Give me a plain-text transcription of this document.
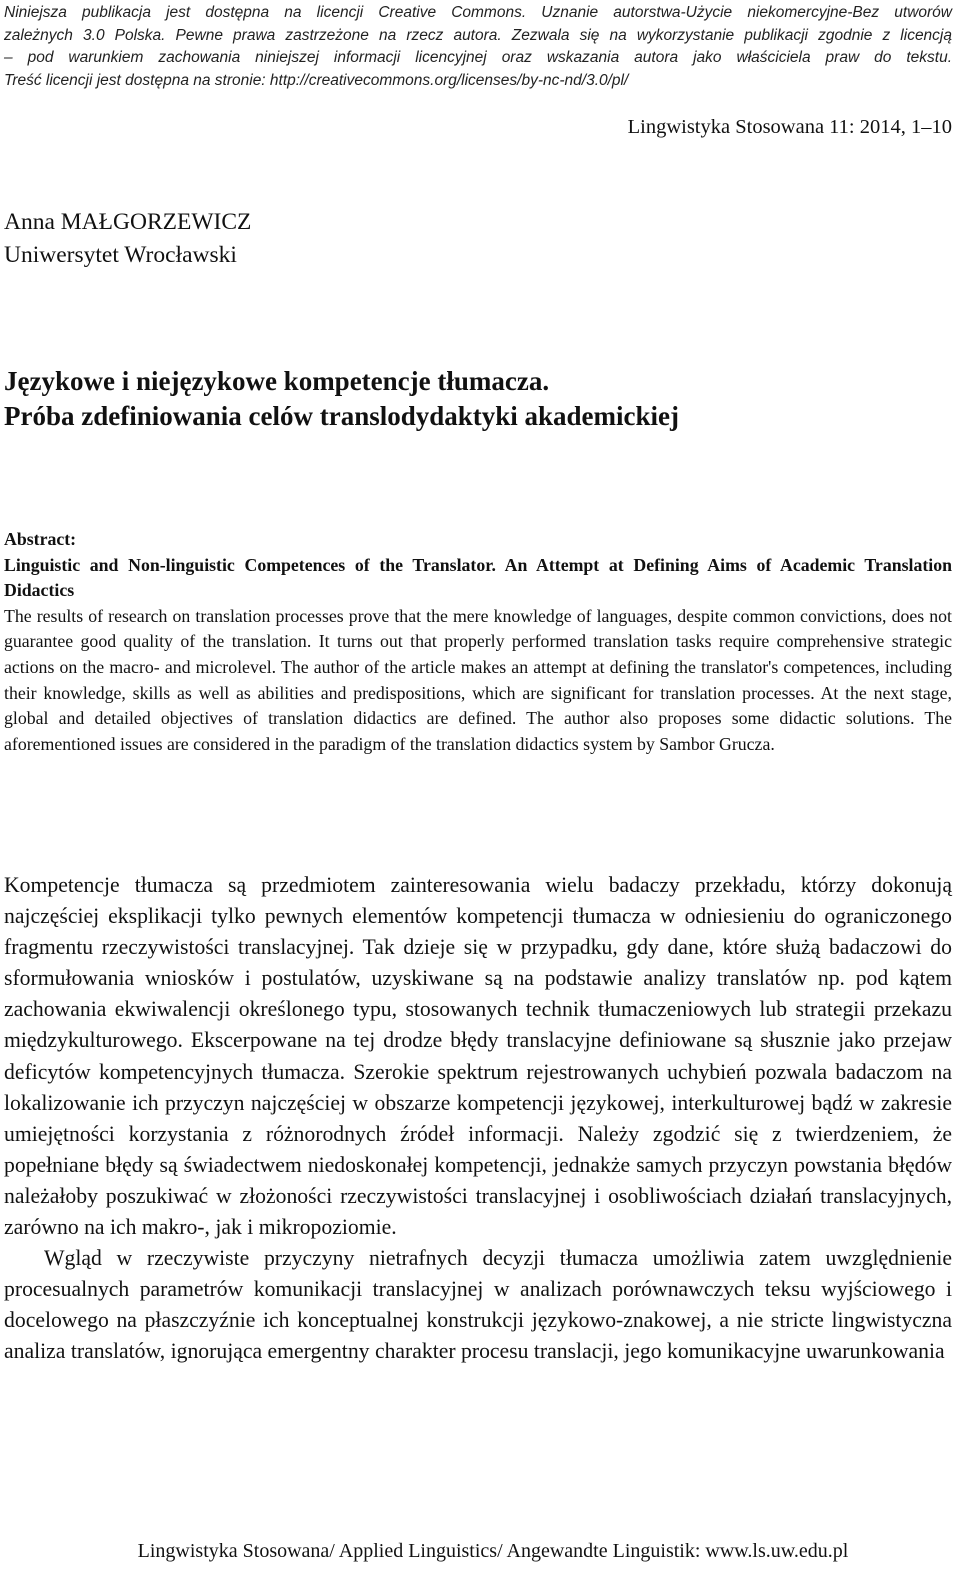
Niniejsza publikacja jest dostępna na licencji Creative Commons. Uznanie autorstwa-Użycie niekomercyjne-Bez utworów
zależnych 3.0 Polska. Pewne prawa zastrzeżone na rzecz autora. Zezwala się na wykorzystanie publikacji zgodnie z licencją
– pod warunkiem zachowania niniejszej informacji licencyjnej oraz wskazania autora jako właściciela praw do tekstu.
Treść licencji jest dostępna na stronie: http://creativecommons.org/licenses/by-nc-nd/3.0/pl/
Lingwistyka Stosowana 11: 2014, 1–10
Anna MAŁGORZEWICZ
Uniwersytet Wrocławski
Językowe i niejęzykowe kompetencje tłumacza.
Próba zdefiniowania celów translodydaktyki akademickiej
Abstract:
Linguistic and Non-linguistic Competences of the Translator. An Attempt at Defining Aims of Academic Translation Didactics
The results of research on translation processes prove that the mere knowledge of languages, despite common convictions, does not guarantee good quality of the translation. It turns out that properly performed translation tasks require comprehensive strategic actions on the macro- and microlevel. The author of the article makes an attempt at defining the translator's competences, including their knowledge, skills as well as abilities and predispositions, which are significant for translation processes. At the next stage, global and detailed objectives of translation didactics are defined. The author also proposes some didactic solutions. The aforementioned issues are considered in the paradigm of the translation didactics system by Sambor Grucza.

Kompetencje tłumacza są przedmiotem zainteresowania wielu badaczy przekładu, którzy dokonują najczęściej eksplikacji tylko pewnych elementów kompetencji tłumacza w odniesieniu do ograniczonego fragmentu rzeczywistości translacyjnej. Tak dzieje się w przypadku, gdy dane, które służą badaczowi do sformułowania wniosków i postulatów, uzyskiwane są na podstawie analizy translatów np. pod kątem zachowania ekwiwalencji określonego typu, stosowanych technik tłumaczeniowych lub strategii przekazu międzykulturowego. Ekscerpowane na tej drodze błędy translacyjne definiowane są słusznie jako przejaw deficytów kompetencyjnych tłumacza. Szerokie spektrum rejestrowanych uchybień pozwala badaczom na lokalizowanie ich przyczyn najczęściej w obszarze kompetencji językowej, interkulturowej bądź w zakresie umiejętności korzystania z różnorodnych źródeł informacji. Należy zgodzić się z twierdzeniem, że popełniane błędy są świadectwem niedoskonałej kompetencji, jednakże samych przyczyn powstania błędów należałoby poszukiwać w złożoności rzeczywistości translacyjnej i osobliwościach działań translacyjnych, zarówno na ich makro-, jak i mikropoziomie.

Wgląd w rzeczywiste przyczyny nietrafnych decyzji tłumacza umożliwia zatem uwzględnienie procesualnych parametrów komunikacji translacyjnej w analizach porównawczych teksu wyjściowego i docelowego na płaszczyźnie ich konceptualnej konstrukcji językowo-znakowej, a nie stricte lingwistyczna analiza translatów, ignorująca emergentny charakter procesu translacji, jego komunikacyjne uwarunkowania

Lingwistyka Stosowana/ Applied Linguistics/ Angewandte Linguistik: www.ls.uw.edu.pl
